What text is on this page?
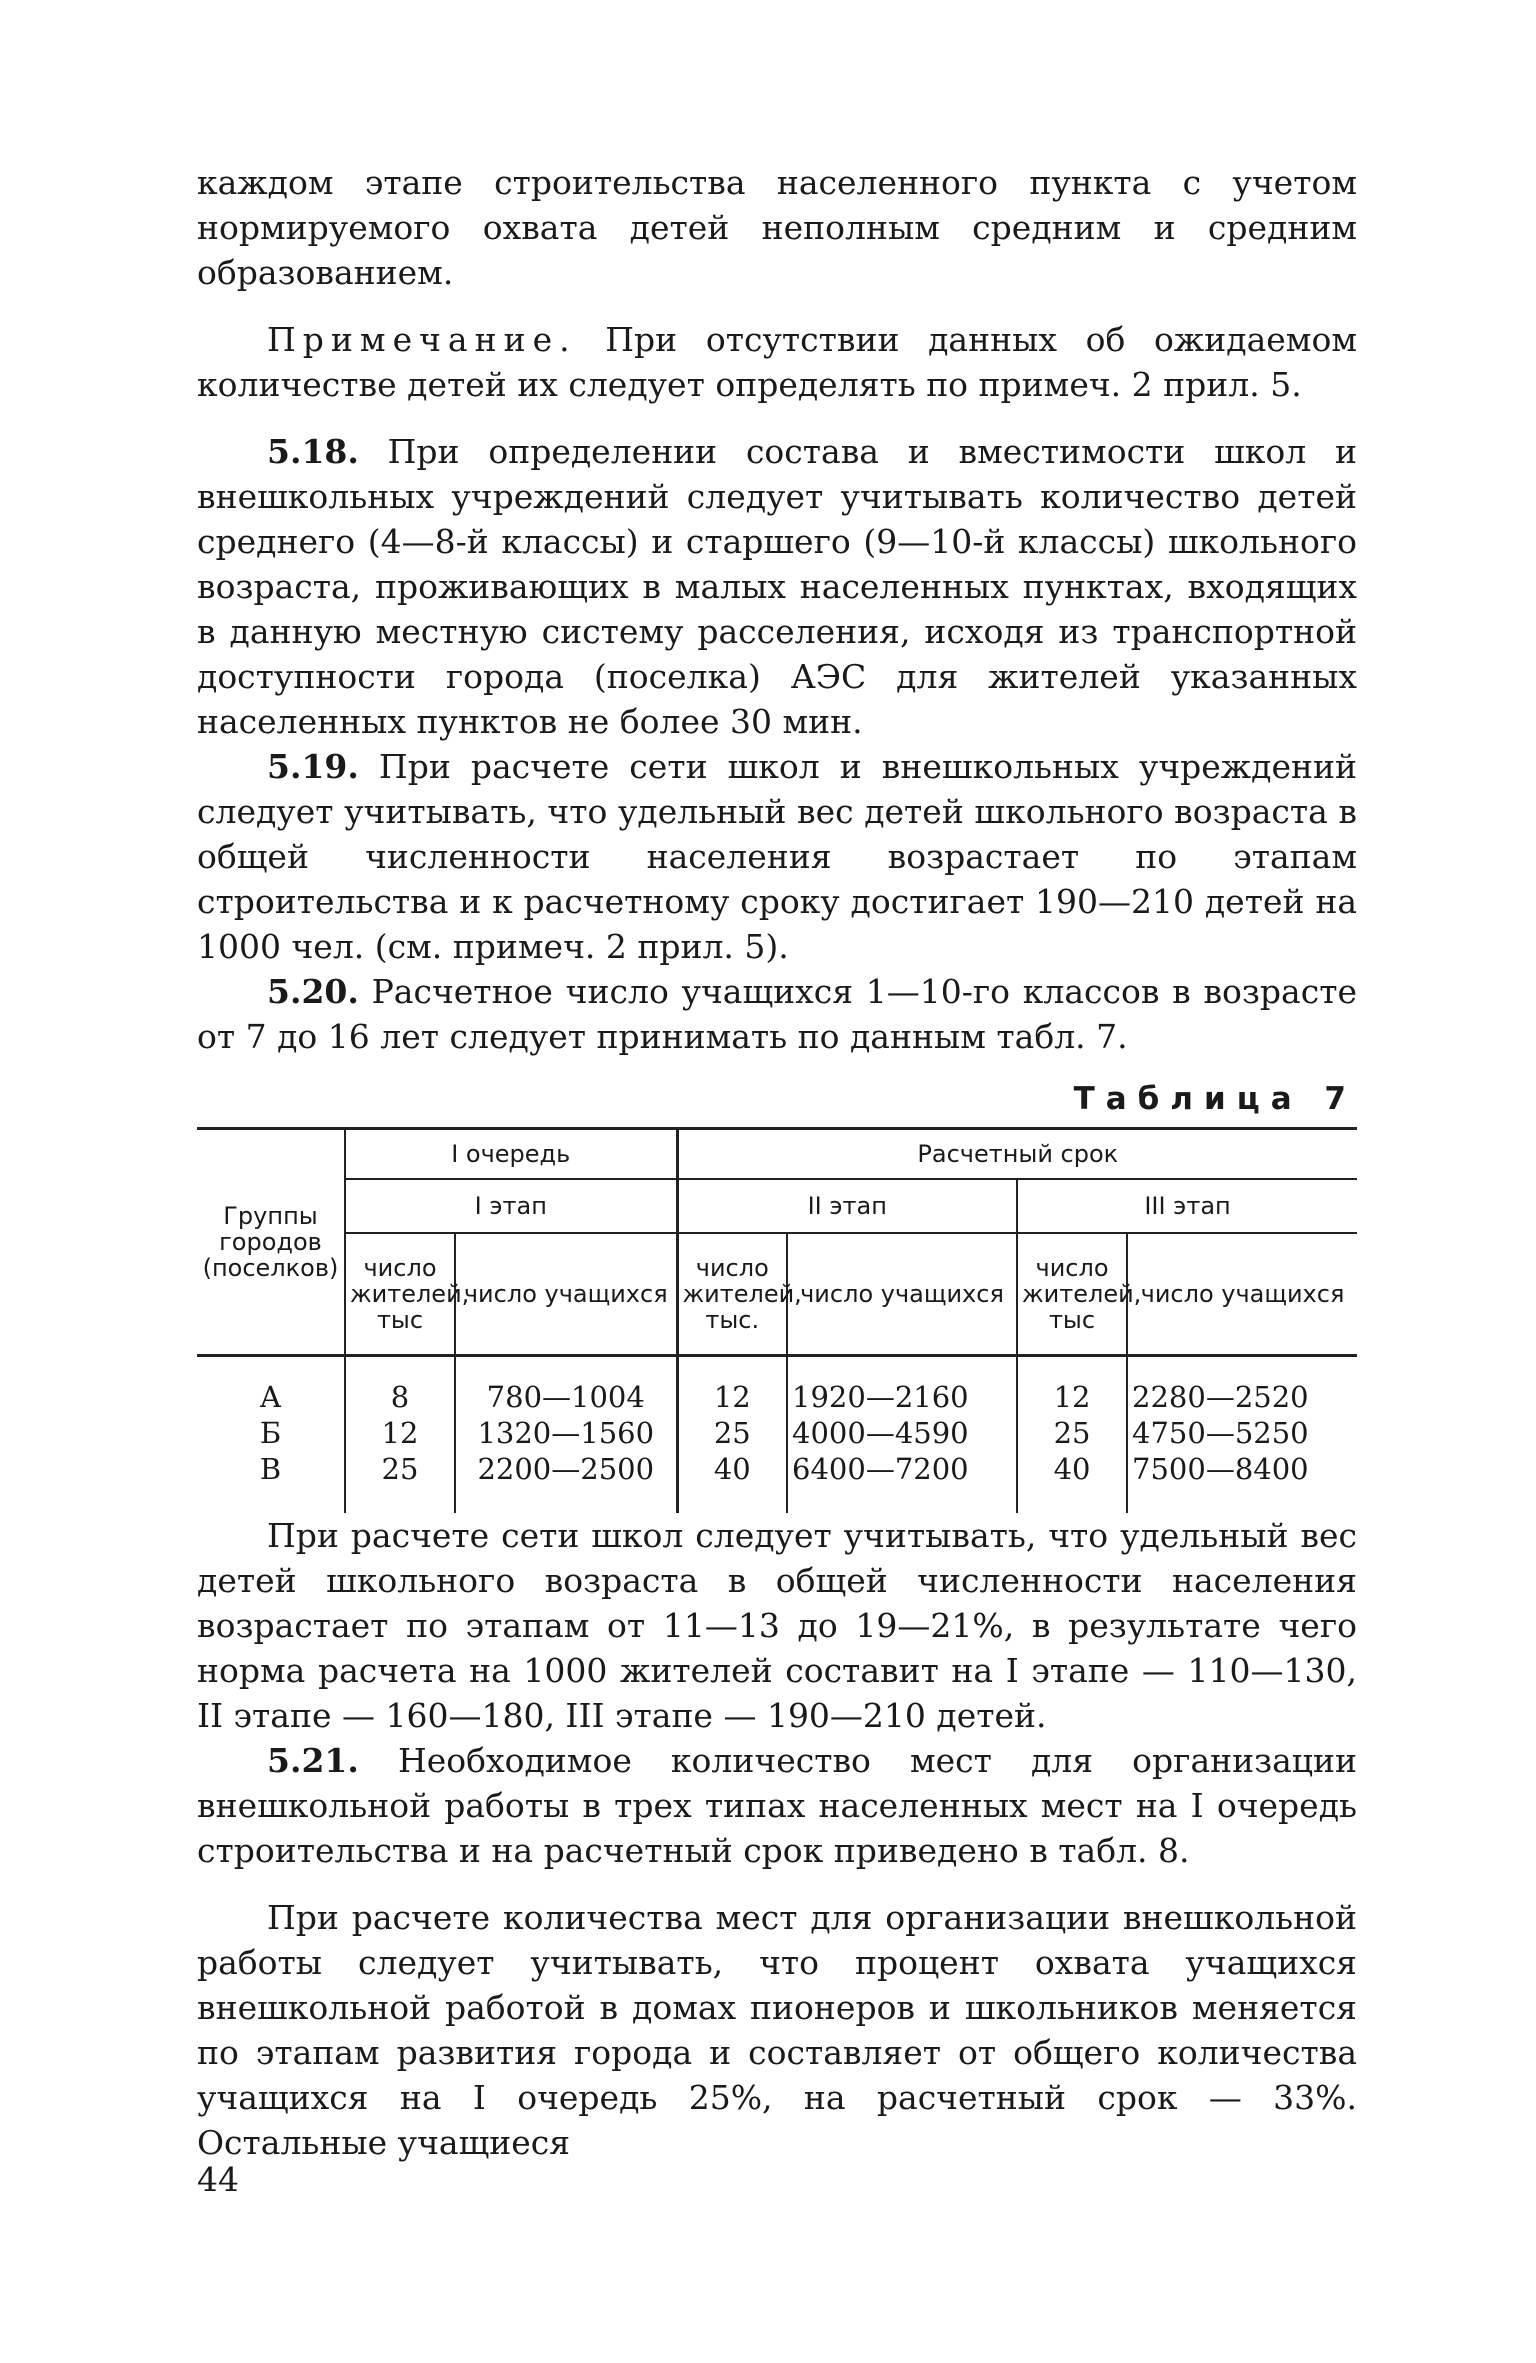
каждом этапе строительства населенного пункта с учетом нормируемого охвата детей неполным средним и средним образованием.

Примечание. При отсутствии данных об ожидаемом количестве детей их следует определять по примеч. 2 прил. 5.

5.18. При определении состава и вместимости школ и внешкольных учреждений следует учитывать количество детей среднего (4—8-й классы) и старшего (9—10-й классы) школьного возраста, проживающих в малых населенных пунктах, входящих в данную местную систему расселения, исходя из транспортной доступности города (поселка) АЭС для жителей указанных населенных пунктов не более 30 мин.

5.19. При расчете сети школ и внешкольных учреждений следует учитывать, что удельный вес детей школьного возраста в общей численности населения возрастает по этапам строительства и к расчетному сроку достигает 190—210 детей на 1000 чел. (см. примеч. 2 прил. 5).

5.20. Расчетное число учащихся 1—10-го классов в возрасте от 7 до 16 лет следует принимать по данным табл. 7.

Таблица 7
Группы городов (поселков)	I очередь		Расчетный срок			
	I этап		II этап		III этап	
	число жителей, тыс	число учащихся	число жителей, тыс.	число учащихся	число жителей, тыс	число учащихся
А	8	780—1004	12	1920—2160	12	2280—2520
Б	12	1320—1560	25	4000—4590	25	4750—5250
В	25	2200—2500	40	6400—7200	40	7500—8400

При расчете сети школ следует учитывать, что удельный вес детей школьного возраста в общей численности населения возрастает по этапам от 11—13 до 19—21%, в результате чего норма расчета на 1000 жителей составит на I этапе — 110—130, II этапе — 160—180, III этапе — 190—210 детей.

5.21. Необходимое количество мест для организации внешкольной работы в трех типах населенных мест на I очередь строительства и на расчетный срок приведено в табл. 8.

При расчете количества мест для организации внешкольной работы следует учитывать, что процент охвата учащихся внешкольной работой в домах пионеров и школьников меняется по этапам развития города и составляет от общего количества учащихся на I очередь 25%, на расчетный срок — 33%. Остальные учащиеся

44
